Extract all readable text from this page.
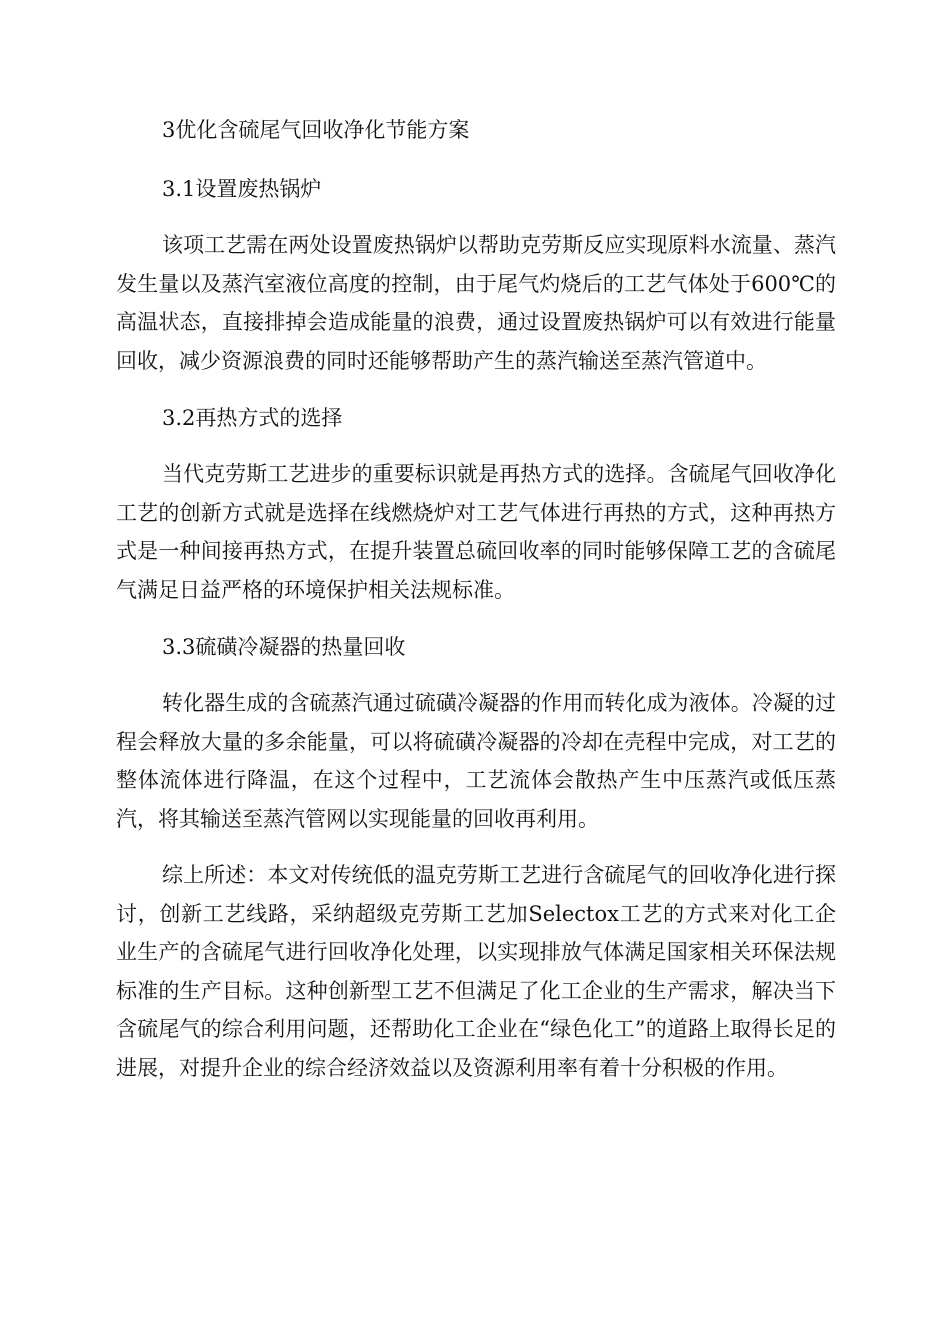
3优化含硫尾气回收净化节能方案
3.1设置废热锅炉

该项工艺需在两处设置废热锅炉以帮助克劳斯反应实现原料水流量、蒸汽发生量以及蒸汽室液位高度的控制，由于尾气灼烧后的工艺气体处于600℃的高温状态，直接排掉会造成能量的浪费，通过设置废热锅炉可以有效进行能量回收，减少资源浪费的同时还能够帮助产生的蒸汽输送至蒸汽管道中。

3.2再热方式的选择

当代克劳斯工艺进步的重要标识就是再热方式的选择。含硫尾气回收净化工艺的创新方式就是选择在线燃烧炉对工艺气体进行再热的方式，这种再热方式是一种间接再热方式，在提升装置总硫回收率的同时能够保障工艺的含硫尾气满足日益严格的环境保护相关法规标准。

3.3硫磺冷凝器的热量回收

转化器生成的含硫蒸汽通过硫磺冷凝器的作用而转化成为液体。冷凝的过程会释放大量的多余能量，可以将硫磺冷凝器的冷却在壳程中完成，对工艺的整体流体进行降温，在这个过程中，工艺流体会散热产生中压蒸汽或低压蒸汽，将其输送至蒸汽管网以实现能量的回收再利用。

综上所述：本文对传统低的温克劳斯工艺进行含硫尾气的回收净化进行探讨，创新工艺线路，采纳超级克劳斯工艺加Selectox工艺的方式来对化工企业生产的含硫尾气进行回收净化处理，以实现排放气体满足国家相关环保法规标准的生产目标。这种创新型工艺不但满足了化工企业的生产需求，解决当下含硫尾气的综合利用问题，还帮助化工企业在“绿色化工”的道路上取得长足的进展，对提升企业的综合经济效益以及资源利用率有着十分积极的作用。
